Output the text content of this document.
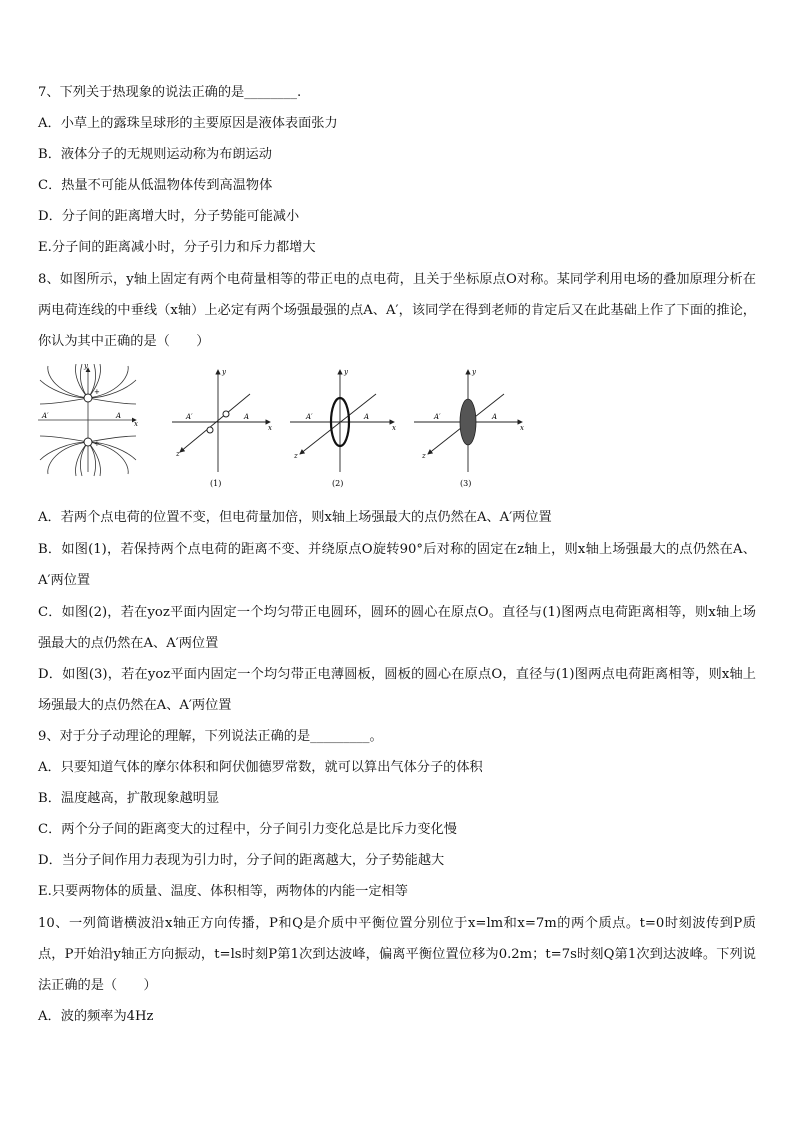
7、下列关于热现象的说法正确的是________.
A．小草上的露珠呈球形的主要原因是液体表面张力
B．液体分子的无规则运动称为布朗运动
C．热量不可能从低温物体传到高温物体
D．分子间的距离增大时，分子势能可能减小
E.分子间的距离减小时，分子引力和斥力都增大
8、如图所示，y轴上固定有两个电荷量相等的带正电的点电荷，且关于坐标原点O对称。某同学利用电场的叠加原理分析在两电荷连线的中垂线（x轴）上必定有两个场强最强的点A、A′，该同学在得到老师的肯定后又在此基础上作了下面的推论，你认为其中正确的是（　　）
+
+
A′	A
x
y
A′	A
x
y
z
(1)
A′	A
x
y
z
(2)
A′	A
x
y
z
(3)
A．若两个点电荷的位置不变，但电荷量加倍，则x轴上场强最大的点仍然在A、A′两位置
B．如图(1)，若保持两个点电荷的距离不变、并绕原点O旋转90°后对称的固定在z轴上，则x轴上场强最大的点仍然在A、A′两位置
C．如图(2)，若在yoz平面内固定一个均匀带正电圆环，圆环的圆心在原点O。直径与(1)图两点电荷距离相等，则x轴上场强最大的点仍然在A、A′两位置
D．如图(3)，若在yoz平面内固定一个均匀带正电薄圆板，圆板的圆心在原点O，直径与(1)图两点电荷距离相等，则x轴上场强最大的点仍然在A、A′两位置
9、对于分子动理论的理解，下列说法正确的是_________。
A．只要知道气体的摩尔体积和阿伏伽德罗常数，就可以算出气体分子的体积
B．温度越高，扩散现象越明显
C．两个分子间的距离变大的过程中，分子间引力变化总是比斥力变化慢
D．当分子间作用力表现为引力时，分子间的距离越大，分子势能越大
E.只要两物体的质量、温度、体积相等，两物体的内能一定相等
10、一列简谐横波沿x轴正方向传播，P和Q是介质中平衡位置分别位于x=lm和x=7m的两个质点。t=0时刻波传到P质点，P开始沿y轴正方向振动，t=ls时刻P第1次到达波峰，偏离平衡位置位移为0.2m；t=7s时刻Q第1次到达波峰。下列说法正确的是（　　）
A．波的频率为4Hz
